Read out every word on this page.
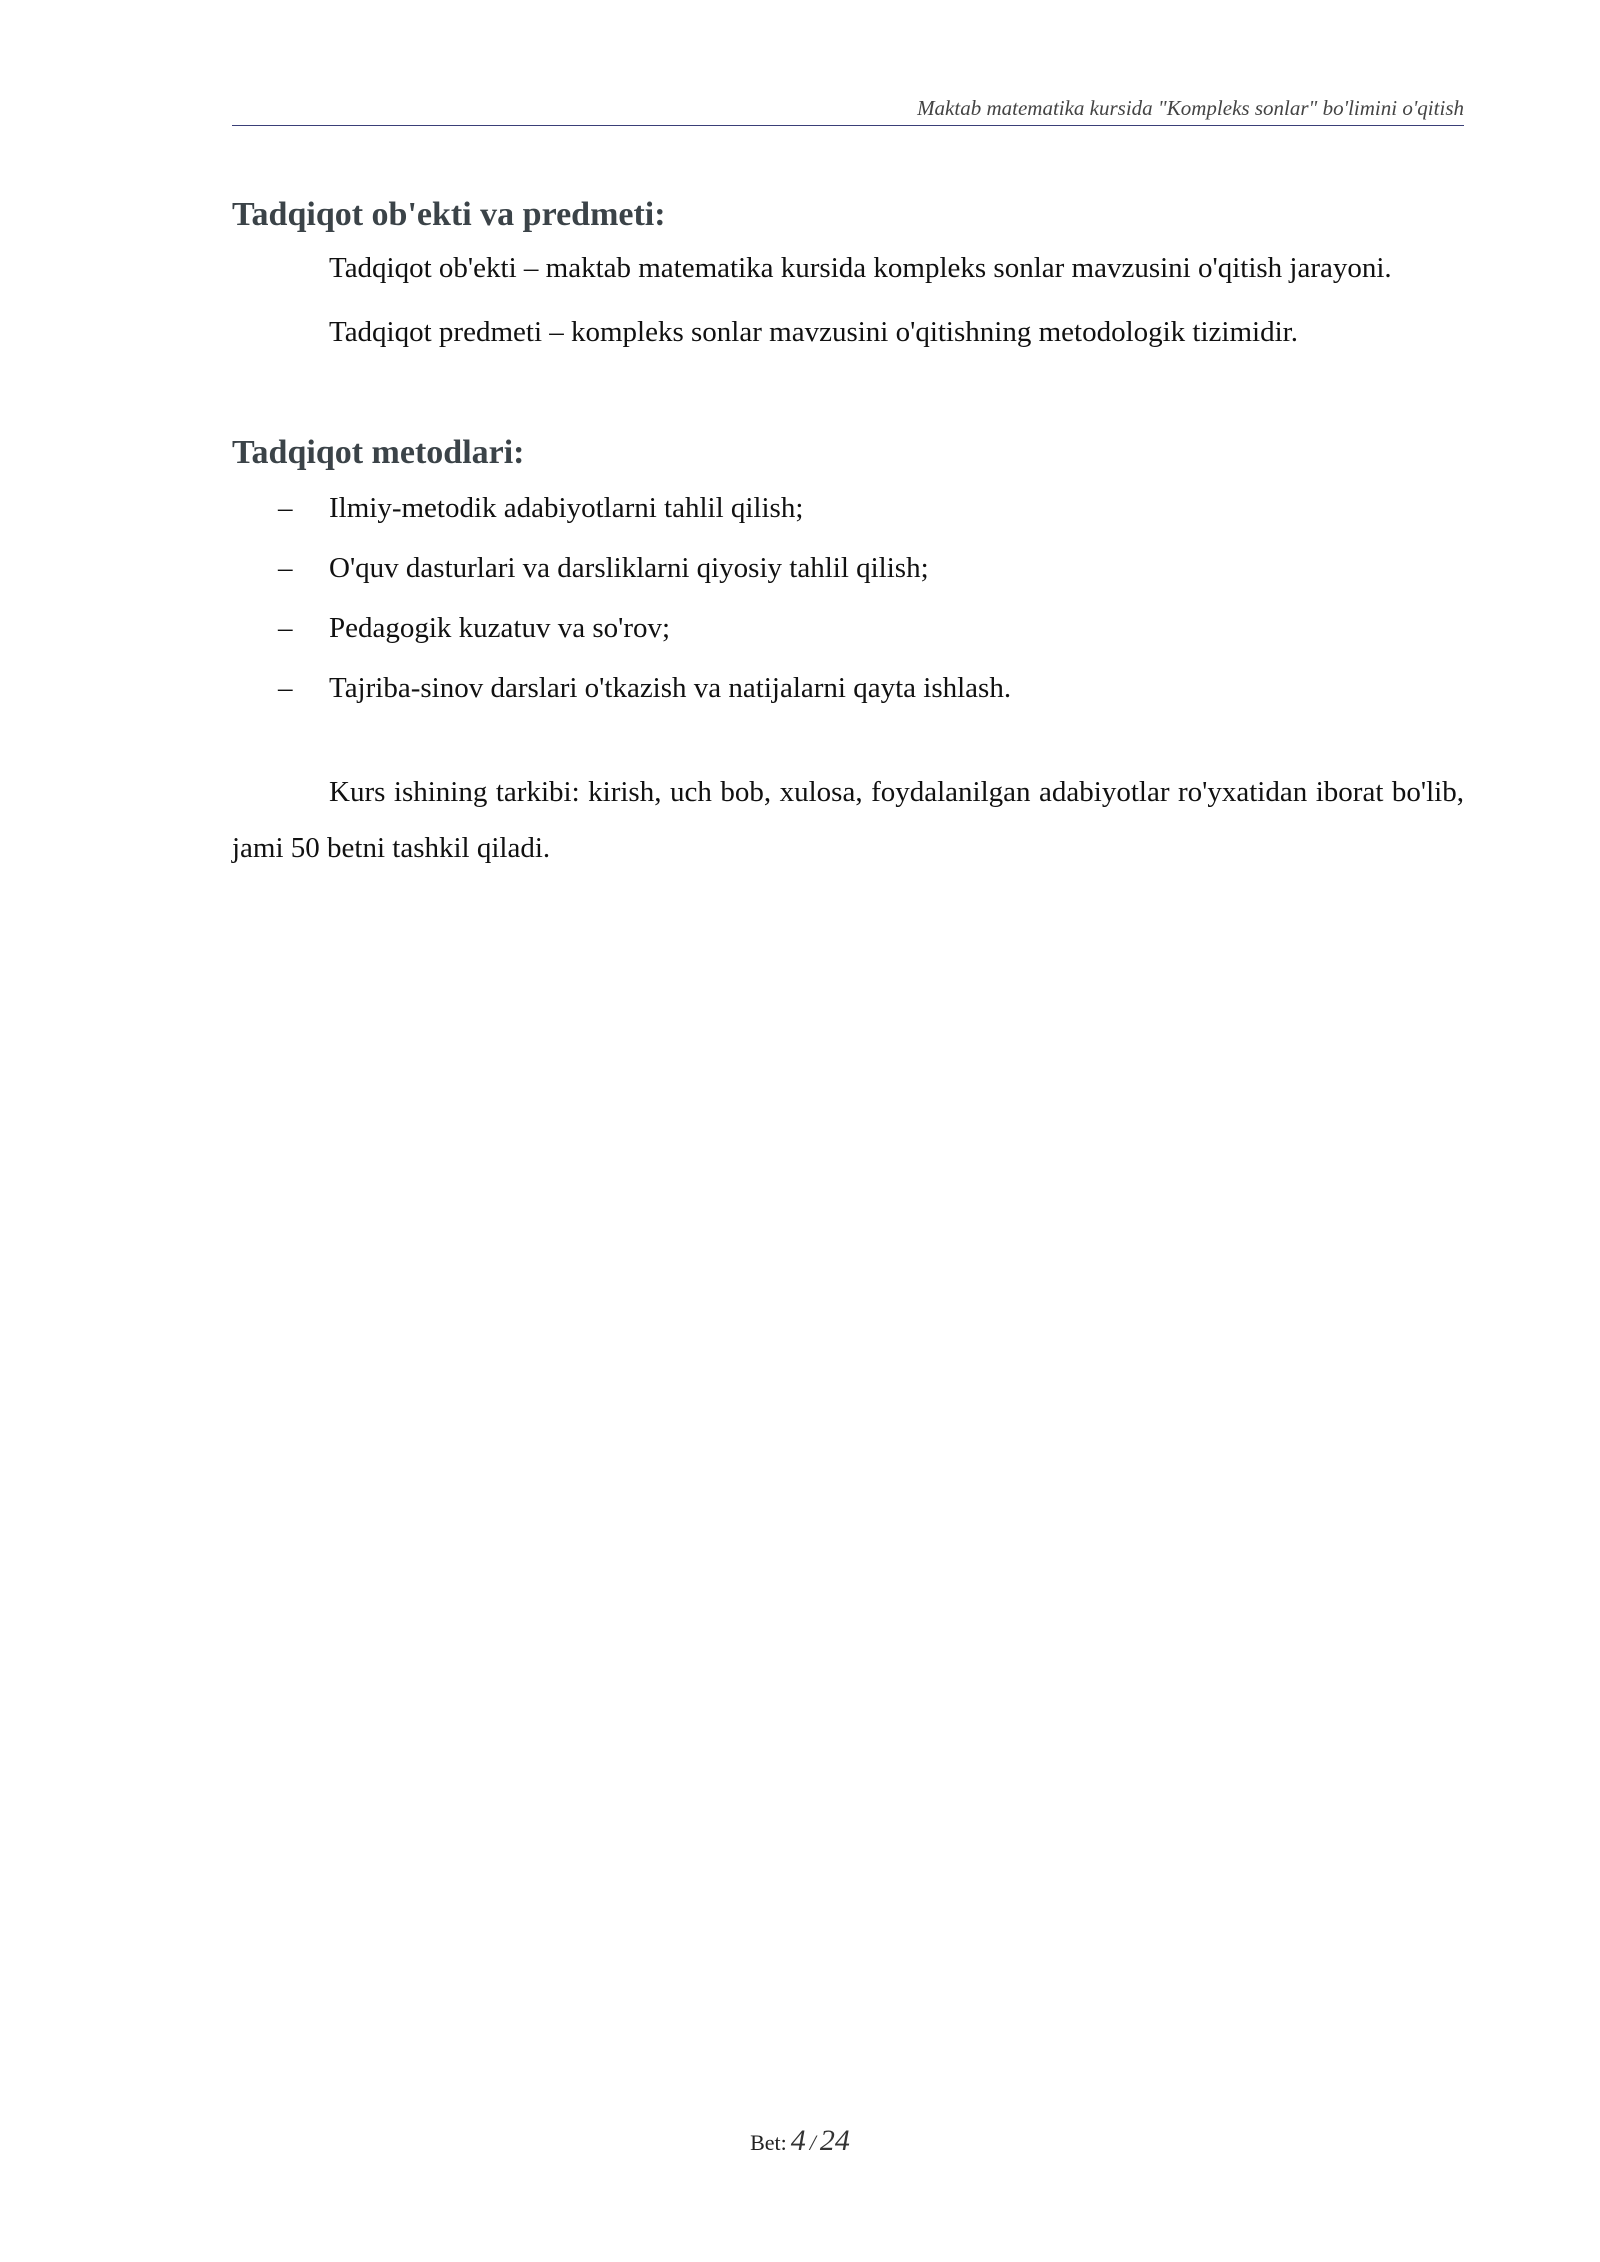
Maktab matematika kursida "Kompleks sonlar" bo'limini o'qitish
Tadqiqot ob'ekti va predmeti:

Tadqiqot ob'ekti – maktab matematika kursida kompleks sonlar mavzusini o'qitish jarayoni.

Tadqiqot predmeti – kompleks sonlar mavzusini o'qitishning metodologik tizimidir.

Tadqiqot metodlari:
– Ilmiy-metodik adabiyotlarni tahlil qilish;
– O'quv dasturlari va darsliklarni qiyosiy tahlil qilish;
– Pedagogik kuzatuv va so'rov;
– Tajriba-sinov darslari o'tkazish va natijalarni qayta ishlash.

Kurs ishining tarkibi: kirish, uch bob, xulosa, foydalanilgan adabiyotlar ro'yxatidan iborat bo'lib, jami 50 betni tashkil qiladi.

Bet: 4 / 24
